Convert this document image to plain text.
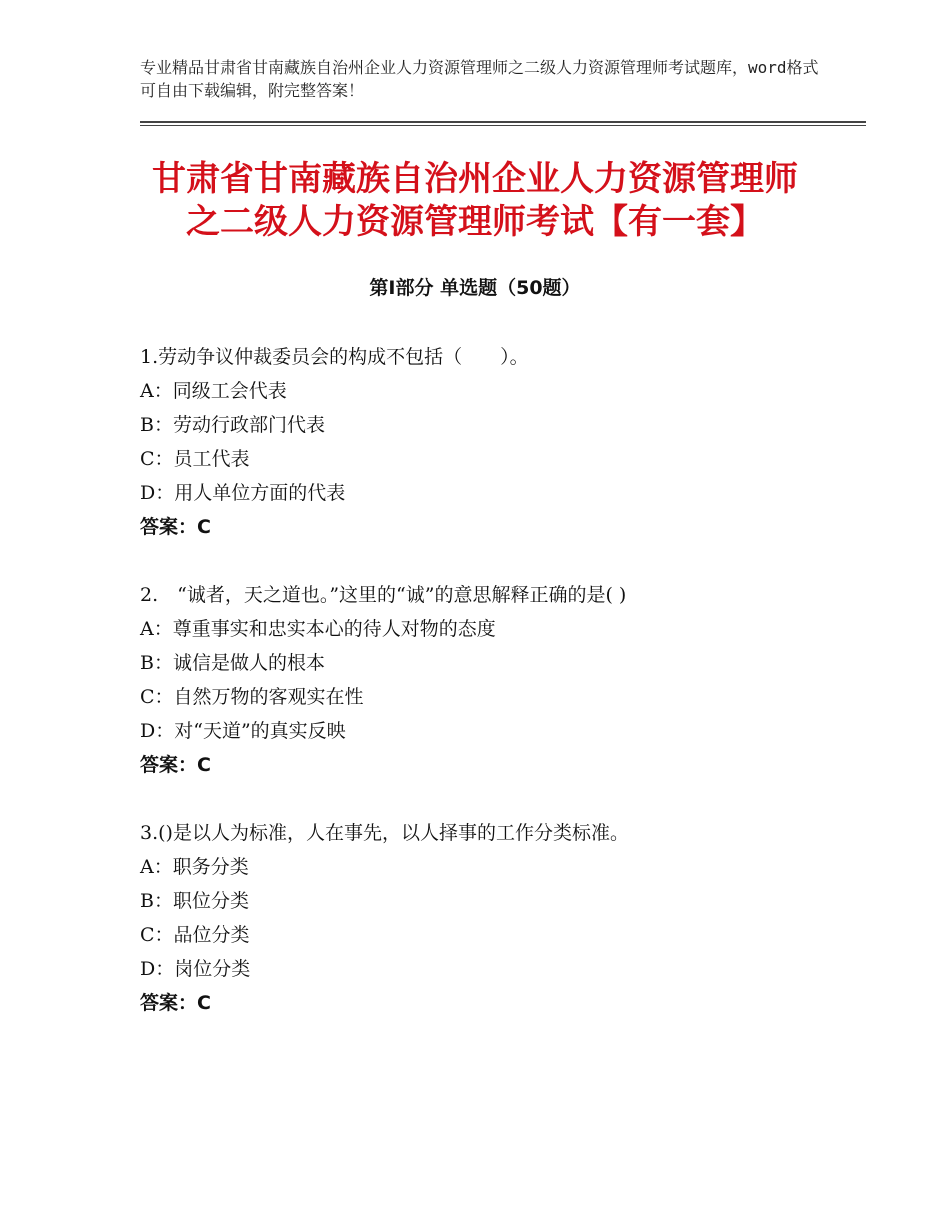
专业精品甘肃省甘南藏族自治州企业人力资源管理师之二级人力资源管理师考试题库，word格式可自由下载编辑，附完整答案！
甘肃省甘南藏族自治州企业人力资源管理师
之二级人力资源管理师考试【有一套】
第Ⅰ部分 单选题（50题）
1.劳动争议仲裁委员会的构成不包括（　　）。
A：同级工会代表
B：劳动行政部门代表
C：员工代表
D：用人单位方面的代表
答案：C
2.　“诚者，天之道也。”这里的“诚”的意思解释正确的是( )
A：尊重事实和忠实本心的待人对物的态度
B：诚信是做人的根本
C：自然万物的客观实在性
D：对“天道”的真实反映
答案：C
3.()是以人为标准，人在事先，以人择事的工作分类标准。
A：职务分类
B：职位分类
C：品位分类
D：岗位分类
答案：C
